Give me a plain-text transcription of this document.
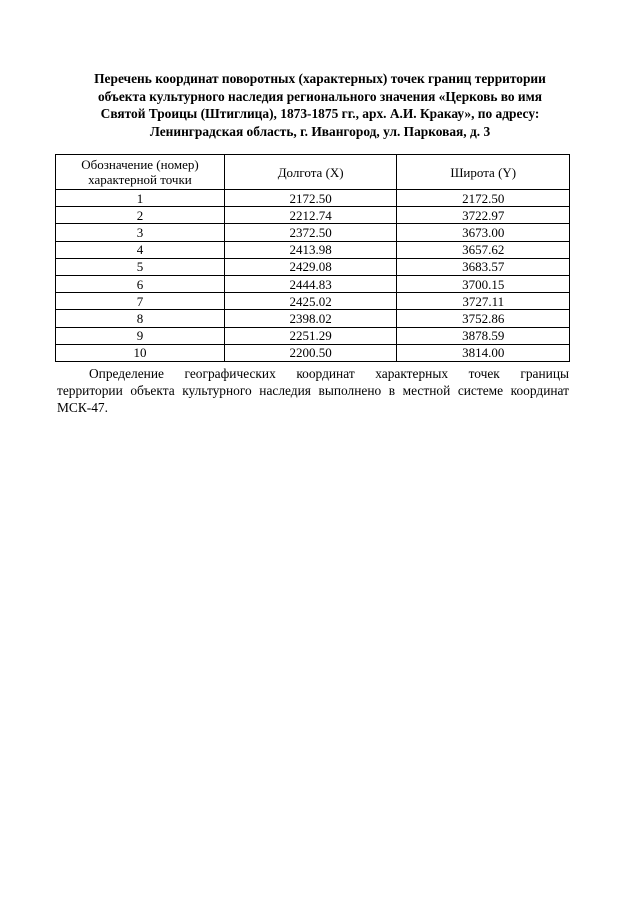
Перечень координат поворотных (характерных) точек границ территории
объекта культурного наследия регионального значения «Церковь во имя
Святой Троицы (Штиглица), 1873-1875 гг., арх. А.И. Кракау», по адресу:
Ленинградская область, г. Ивангород, ул. Парковая, д. 3
Обозначение (номер)
характерной точки	Долгота (X)	Широта (Y)
1	2172.50	2172.50
2	2212.74	3722.97
3	2372.50	3673.00
4	2413.98	3657.62
5	2429.08	3683.57
6	2444.83	3700.15
7	2425.02	3727.11
8	2398.02	3752.86
9	2251.29	3878.59
10	2200.50	3814.00
Определение географических координат характерных точек границы
территории объекта культурного наследия выполнено в местной системе координат
МСК-47.
